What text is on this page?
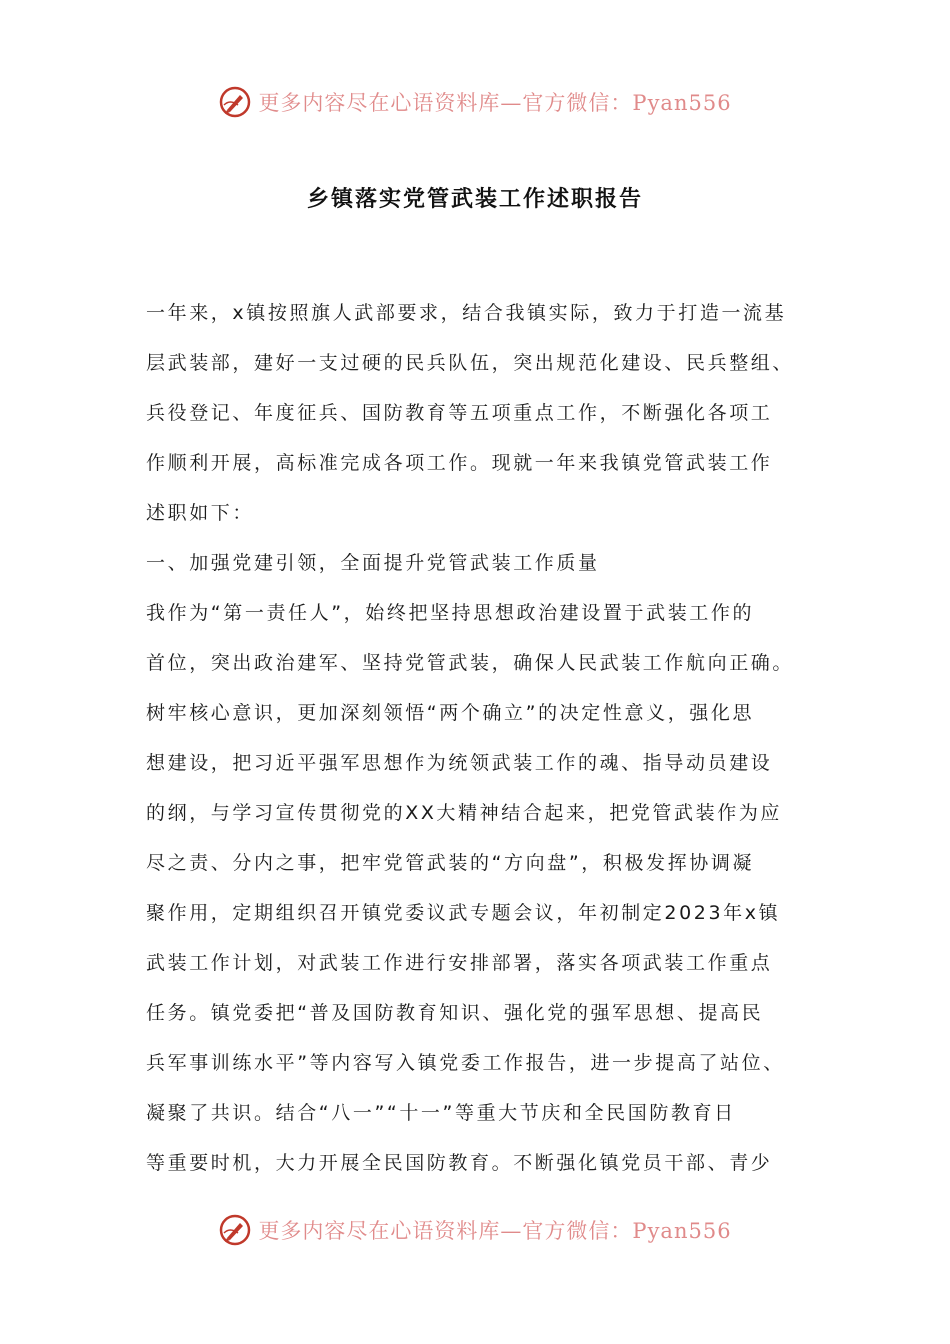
更多内容尽在心语资料库—官方微信：Pyan556
乡镇落实党管武装工作述职报告
一年来，x镇按照旗人武部要求，结合我镇实际，致力于打造一流基
层武装部，建好一支过硬的民兵队伍，突出规范化建设、民兵整组、
兵役登记、年度征兵、国防教育等五项重点工作，不断强化各项工
作顺利开展，高标准完成各项工作。现就一年来我镇党管武装工作
述职如下：
一、加强党建引领，全面提升党管武装工作质量
我作为“第一责任人”，始终把坚持思想政治建设置于武装工作的
首位，突出政治建军、坚持党管武装，确保人民武装工作航向正确。
树牢核心意识，更加深刻领悟“两个确立”的决定性意义，强化思
想建设，把习近平强军思想作为统领武装工作的魂、指导动员建设
的纲，与学习宣传贯彻党的XX大精神结合起来，把党管武装作为应
尽之责、分内之事，把牢党管武装的“方向盘”，积极发挥协调凝
聚作用，定期组织召开镇党委议武专题会议，年初制定2023年x镇
武装工作计划，对武装工作进行安排部署，落实各项武装工作重点
任务。镇党委把“普及国防教育知识、强化党的强军思想、提高民
兵军事训练水平”等内容写入镇党委工作报告，进一步提高了站位、
凝聚了共识。结合“八一”“十一”等重大节庆和全民国防教育日
等重要时机，大力开展全民国防教育。不断强化镇党员干部、青少
更多内容尽在心语资料库—官方微信：Pyan556
